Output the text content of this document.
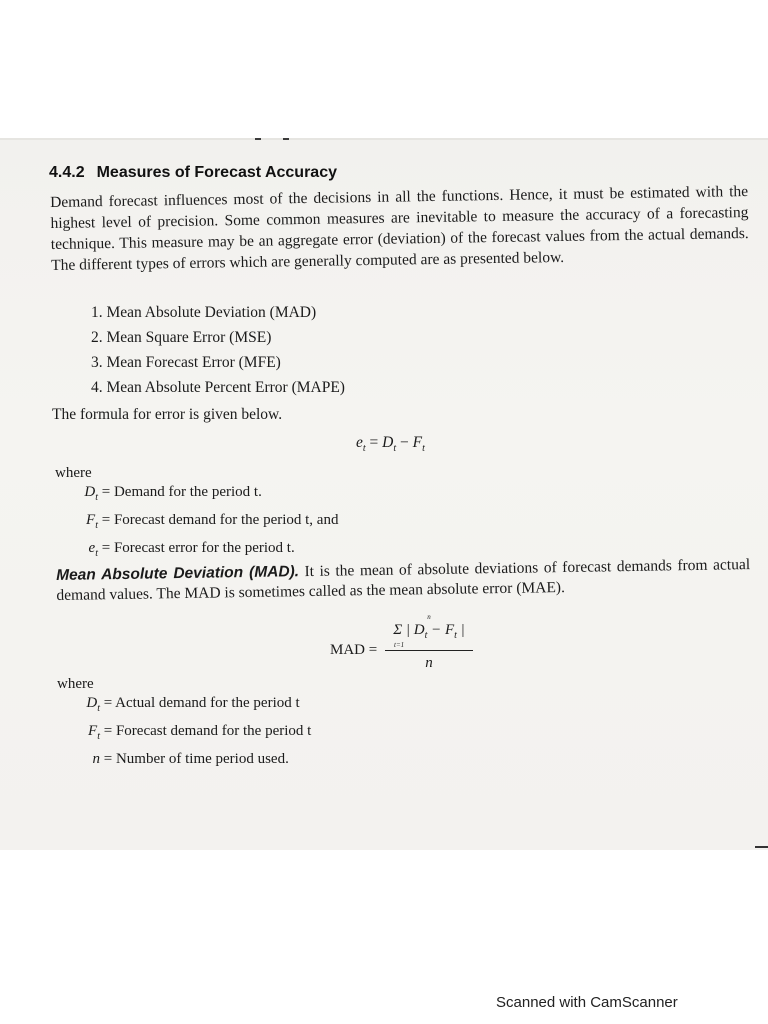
4.4.2 Measures of Forecast Accuracy
Demand forecast influences most of the decisions in all the functions. Hence, it must be estimated with the highest level of precision. Some common measures are inevitable to measure the accuracy of a forecasting technique. This measure may be an aggregate error (deviation) of the forecast values from the actual demands. The different types of errors which are generally computed are as presented below.
1. Mean Absolute Deviation (MAD)
2. Mean Square Error (MSE)
3. Mean Forecast Error (MFE)
4. Mean Absolute Percent Error (MAPE)
The formula for error is given below.
$e_t = D_t - F_t$
where
$D_t$ = Demand for the period t.
$F_t$ = Forecast demand for the period t, and
$e_t$ = Forecast error for the period t.
Mean Absolute Deviation (MAD). It is the mean of absolute deviations of forecast demands from actual demand values. The MAD is sometimes called as the mean absolute error (MAE).
MAD =
n
Σ | $D_t - F_t$ |
t=1
n
where
$D_t$ = Actual demand for the period t
$F_t$ = Forecast demand for the period t
n = Number of time period used.
Scanned with CamScanner
